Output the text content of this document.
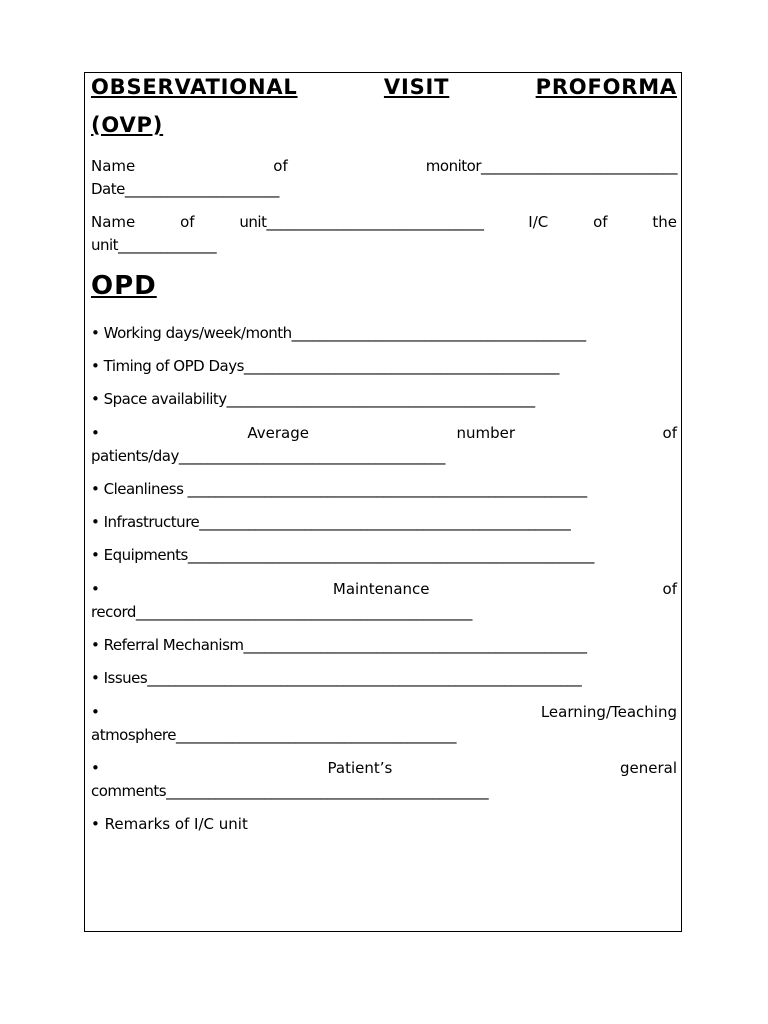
OBSERVATIONAL	VISIT	PROFORMA
(OVP)
Name	of	monitor____________________________
Date______________________
Name	of	unit_______________________________	I/C	of	the
unit______________
OPD
• Working days/week/month__________________________________________
• Timing of OPD Days_____________________________________________
• Space availability____________________________________________
•	Average	number	of
patients/day______________________________________
• Cleanliness _________________________________________________________
• Infrastructure_____________________________________________________
• Equipments__________________________________________________________
•	Maintenance	of
record________________________________________________
• Referral Mechanism_________________________________________________
• Issues______________________________________________________________
•	Learning/Teaching
atmosphere________________________________________
•	Patient’s	general
comments______________________________________________
• Remarks of I/C unit
